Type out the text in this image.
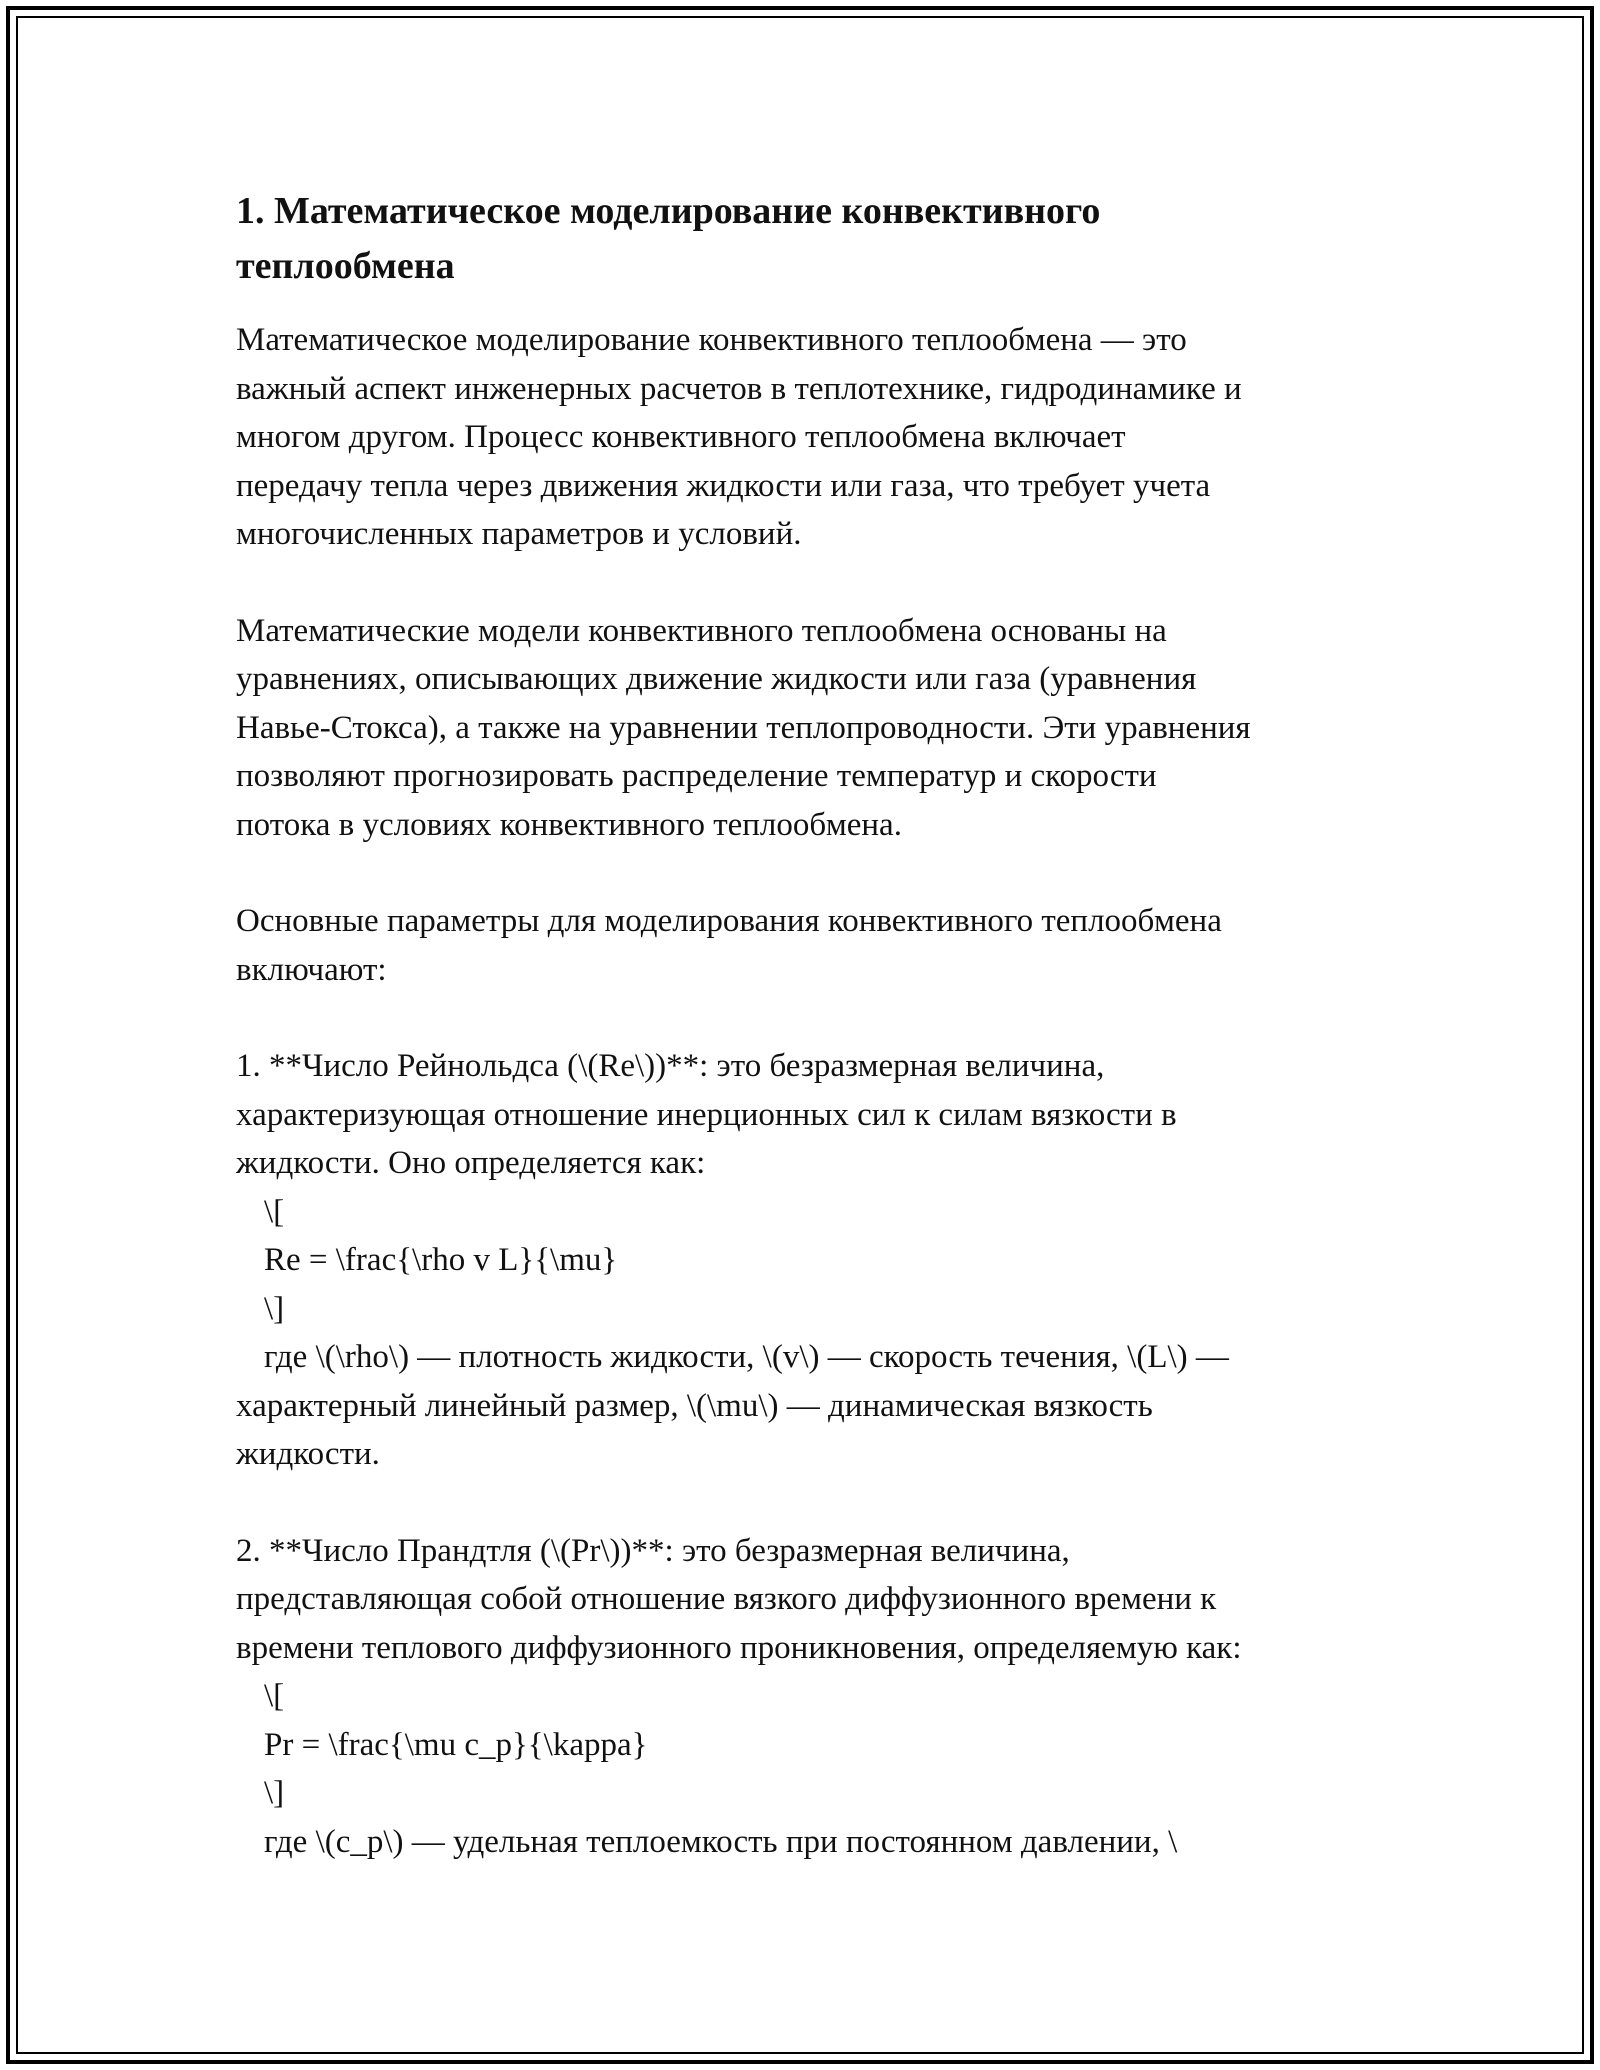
1. Математическое моделирование конвективного
теплообмена

Математическое моделирование конвективного теплообмена — это
важный аспект инженерных расчетов в теплотехнике, гидродинамике и
многом другом. Процесс конвективного теплообмена включает
передачу тепла через движения жидкости или газа, что требует учета
многочисленных параметров и условий.

Математические модели конвективного теплообмена основаны на
уравнениях, описывающих движение жидкости или газа (уравнения
Навье-Стокса), а также на уравнении теплопроводности. Эти уравнения
позволяют прогнозировать распределение температур и скорости
потока в условиях конвективного теплообмена.

Основные параметры для моделирования конвективного теплообмена
включают:

1. **Число Рейнольдса (\(Re\))**: это безразмерная величина,
характеризующая отношение инерционных сил к силам вязкости в
жидкости. Оно определяется как:
\[
Re = \frac{\rho v L}{\mu}
\]
где \(\rho\) — плотность жидкости, \(v\) — скорость течения, \(L\) —
характерный линейный размер, \(\mu\) — динамическая вязкость
жидкости.

2. **Число Прандтля (\(Pr\))**: это безразмерная величина,
представляющая собой отношение вязкого диффузионного времени к
времени теплового диффузионного проникновения, определяемую как:
\[
Pr = \frac{\mu c_p}{\kappa}
\]
где \(c_p\) — удельная теплоемкость при постоянном давлении, \
